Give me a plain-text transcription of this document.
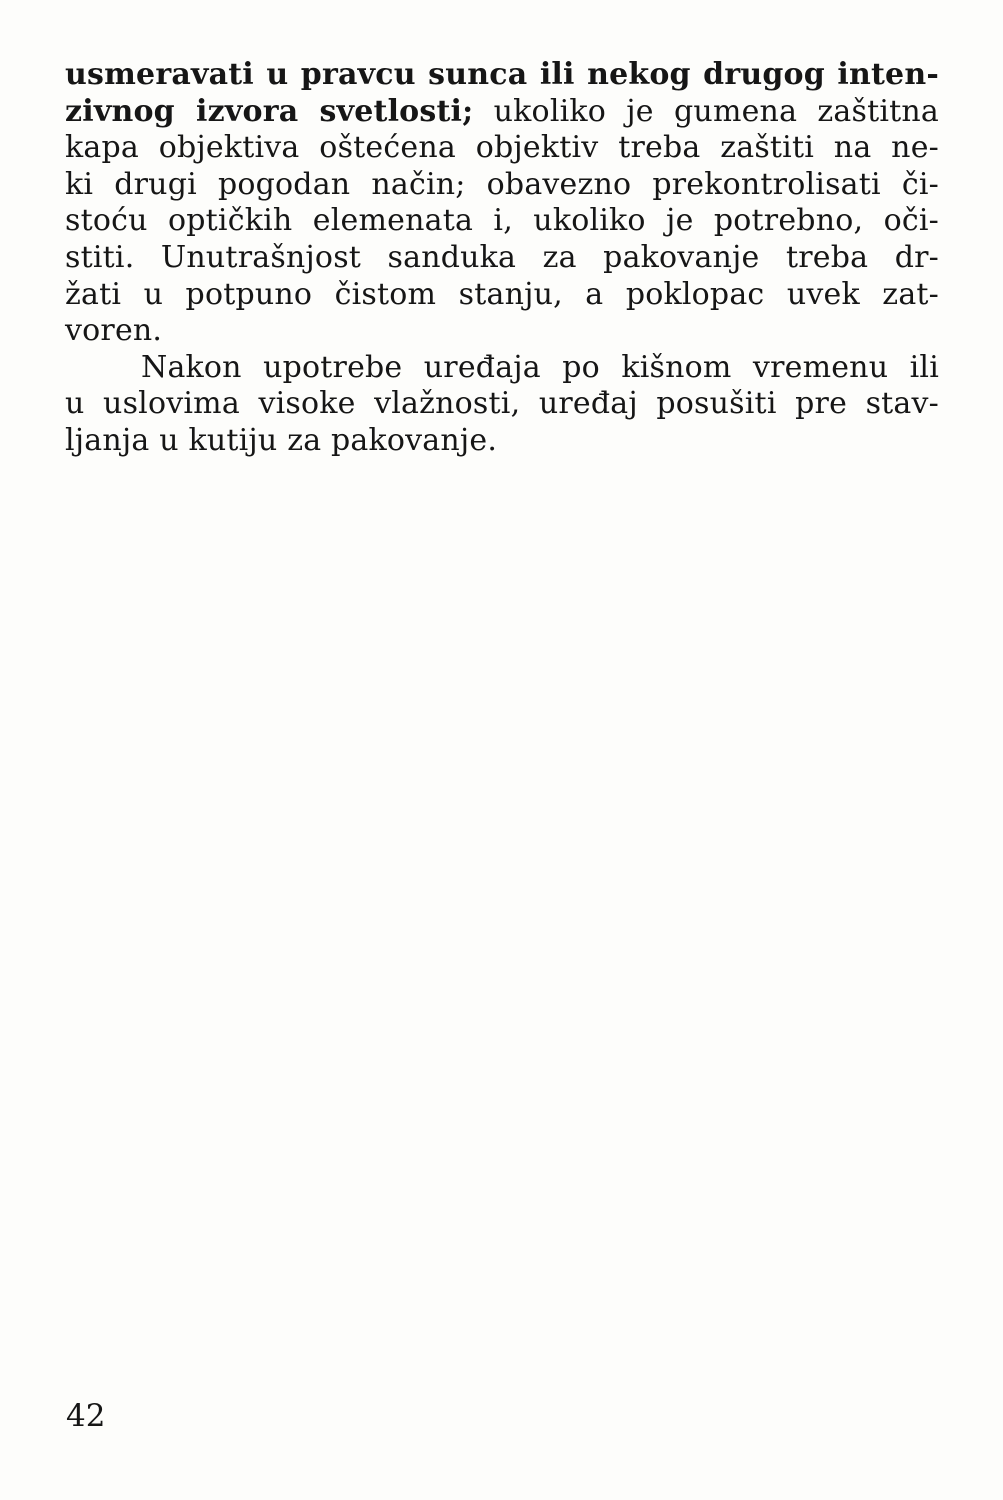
usmeravati u pravcu sunca ili nekog drugog inten-
zivnog izvora svetlosti; ukoliko je gumena zaštitna
kapa objektiva oštećena objektiv treba zaštiti na ne-
ki drugi pogodan način; obavezno prekontrolisati či-
stoću optičkih elemenata i, ukoliko je potrebno, oči-
stiti. Unutrašnjost sanduka za pakovanje treba dr-
žati u potpuno čistom stanju, a poklopac uvek zat-
voren.
Nakon upotrebe uređaja po kišnom vremenu ili
u uslovima visoke vlažnosti, uređaj posušiti pre stav-
ljanja u kutiju za pakovanje.
42
